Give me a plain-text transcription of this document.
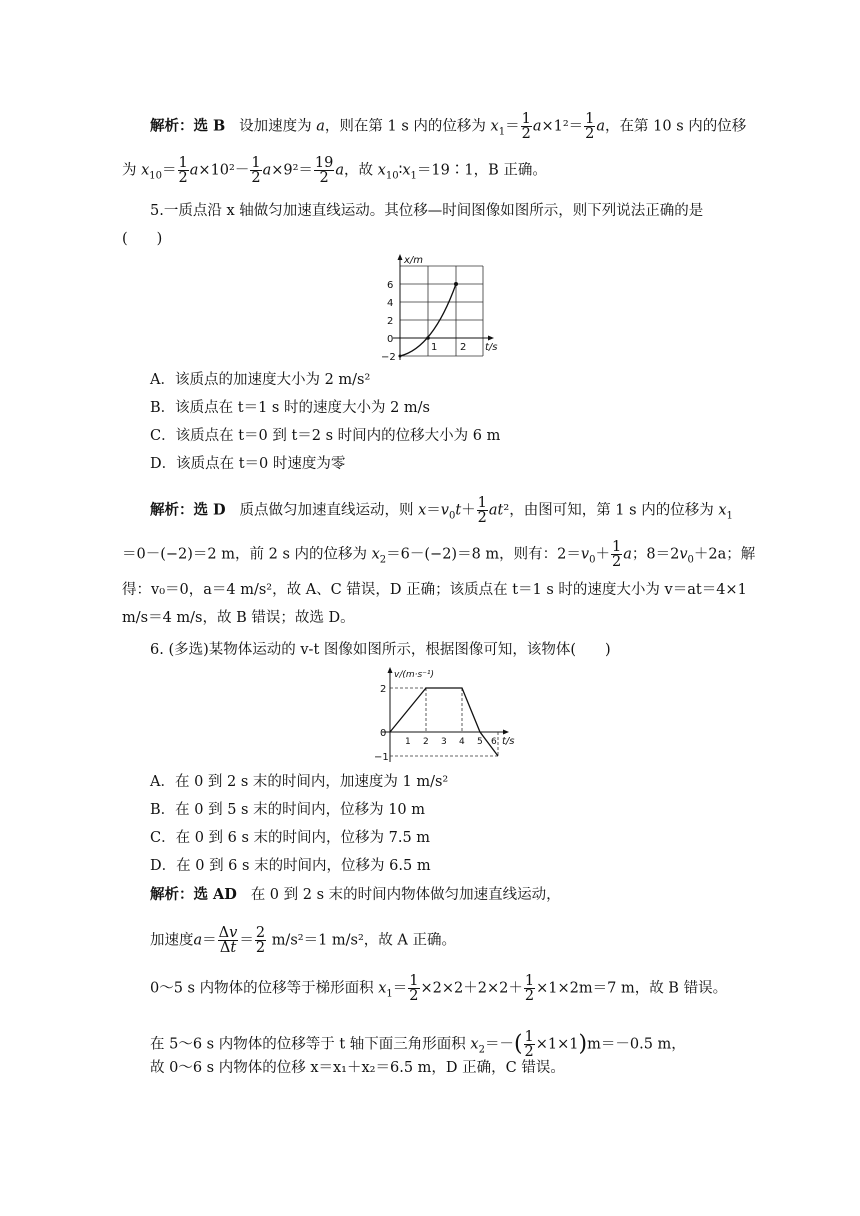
解析：选 B 设加速度为 a，则在第 1 s 内的位移为 $x_1= \frac{1}{2} a\times 1^2= \frac{1}{2}$ a，在第 10 s 内的位移
为 $x_{10}= \frac{1}{2} a\times 10^2- \frac{1}{2} a\times 9^2= \frac{19}{2}$ a，故 $x_{10}∶x_1=19∶1$，B 正确。
5.一质点沿 x 轴做匀加速直线运动。其位移—时间图像如图所示，则下列说法正确的是
(　　)
x/m
t/s
6
4
2
0
−2
1 2
A．该质点的加速度大小为 2 m/s²
B．该质点在 t＝1 s 时的速度大小为 2 m/s
C．该质点在 t＝0 到 t＝2 s 时间内的位移大小为 6 m
D．该质点在 t＝0 时速度为零
解析：选 D 质点做匀加速直线运动，则 $x=v_0t+ \frac{1}{2} at^2$，由图可知，第 1 s 内的位移为 $x_1$
＝0－(−2)＝2 m，前 2 s 内的位移为 $x_2=6-(-2)=8$ m，则有：$2=v_0+ \frac{1}{2}$ a；$8=2v_0+2a$；解
得：v₀＝0，a＝4 m/s²，故 A、C 错误，D 正确；该质点在 t＝1 s 时的速度大小为 v＝at＝4×1
m/s＝4 m/s，故 B 错误；故选 D。
6. (多选)某物体运动的 v-t 图像如图所示，根据图像可知，该物体(　　)
v/(m·s⁻¹)
t/s
2
0
−1
1 2 3 4 5 6
A．在 0 到 2 s 末的时间内，加速度为 1 m/s²
B．在 0 到 5 s 末的时间内，位移为 10 m
C．在 0 到 6 s 末的时间内，位移为 7.5 m
D．在 0 到 6 s 末的时间内，位移为 6.5 m
解析：选 AD 在 0 到 2 s 末的时间内物体做匀加速直线运动，
加速度$a= \frac{\Delta v}{\Delta t} = \frac{2}{2} m/s^2=1$ m/s²，故 A 正确。
0～5 s 内物体的位移等于梯形面积 $x_1= \frac{1}{2} \times 2\times 2+2\times 2+ \frac{1}{2} \times 1\times 2m=7$ m，故 B 错误。
在 5～6 s 内物体的位移等于 t 轴下面三角形面积 $x_2=-( \frac{1}{2} \times 1\times 1)m=-0.5$ m，
故 0～6 s 内物体的位移 x＝x₁＋x₂＝6.5 m，D 正确，C 错误。
